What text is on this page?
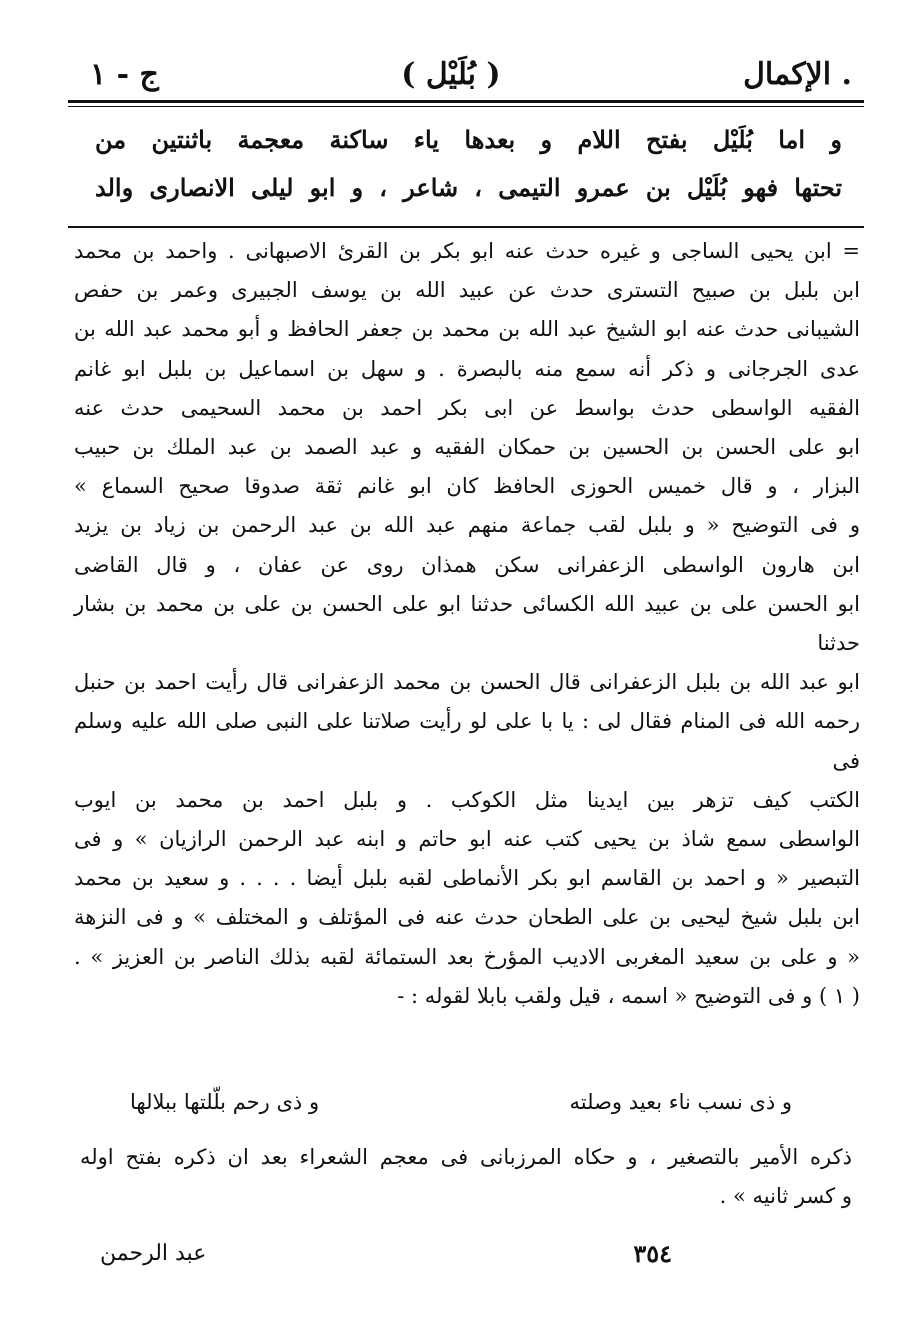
. الإكمال
( بُلَيْل )
ج - ١

و اما بُلَيْل بفتح اللام و بعدها ياء ساكنة معجمة باثنتين من

تحتها فهو بُلَيْل بن عمرو التيمى ، شاعر ، و ابو ليلى الانصارى والد

= ابن يحيى الساجى و غيره حدث عنه ابو بكر بن القرئ الاصبهانى . واحمد بن محمد

ابن بلبل بن صبيح التسترى حدث عن عبيد الله بن يوسف الجبيرى وعمر بن حفص

الشيبانى حدث عنه ابو الشيخ عبد الله بن محمد بن جعفر الحافظ و أبو محمد عبد الله بن

عدى الجرجانى و ذكر أنه سمع منه بالبصرة . و سهل بن اسماعيل بن بلبل ابو غانم

الفقيه الواسطى حدث بواسط عن ابى بكر احمد بن محمد السحيمى حدث عنه

ابو على الحسن بن الحسين بن حمكان الفقيه و عبد الصمد بن عبد الملك بن حبيب

البزار ، و قال خميس الحوزى الحافظ كان ابو غانم ثقة صدوقا صحيح السماع »

و فى التوضيح « و بلبل لقب جماعة منهم عبد الله بن عبد الرحمن بن زياد بن يزيد

ابن هارون الواسطى الزعفرانى سكن همذان روى عن عفان ، و قال القاضى

ابو الحسن على بن عبيد الله الكسائى حدثنا ابو على الحسن بن على بن محمد بن بشار حدثنا

ابو عبد الله بن بلبل الزعفرانى قال الحسن بن محمد الزعفرانى قال رأيت احمد بن حنبل

رحمه الله فى المنام فقال لى : يا با على لو رأيت صلاتنا على النبى صلى الله عليه وسلم فى

الكتب كيف تزهر بين ايدينا مثل الكوكب . و بلبل احمد بن محمد بن ايوب

الواسطى سمع شاذ بن يحيى كتب عنه ابو حاتم و ابنه عبد الرحمن الرازيان » و فى

التبصير « و احمد بن القاسم ابو بكر الأنماطى لقبه بلبل أيضا . . . . و سعيد بن محمد

ابن بلبل شيخ ليحيى بن على الطحان حدث عنه فى المؤتلف و المختلف » و فى النزهة

« و على بن سعيد المغربى الاديب المؤرخ بعد الستمائة لقبه بذلك الناصر بن العزيز » .

( ١ ) و فى التوضيح « اسمه ، قيل ولقب بابلا لقوله : -

و ذى نسب ناء بعيد وصلته
و ذى رحم بلّلتها ببلالها

ذكره الأمير بالتصغير ، و حكاه المرزبانى فى معجم الشعراء بعد ان ذكره بفتح اوله

و كسر ثانيه » .

٣٥٤
عبد الرحمن
